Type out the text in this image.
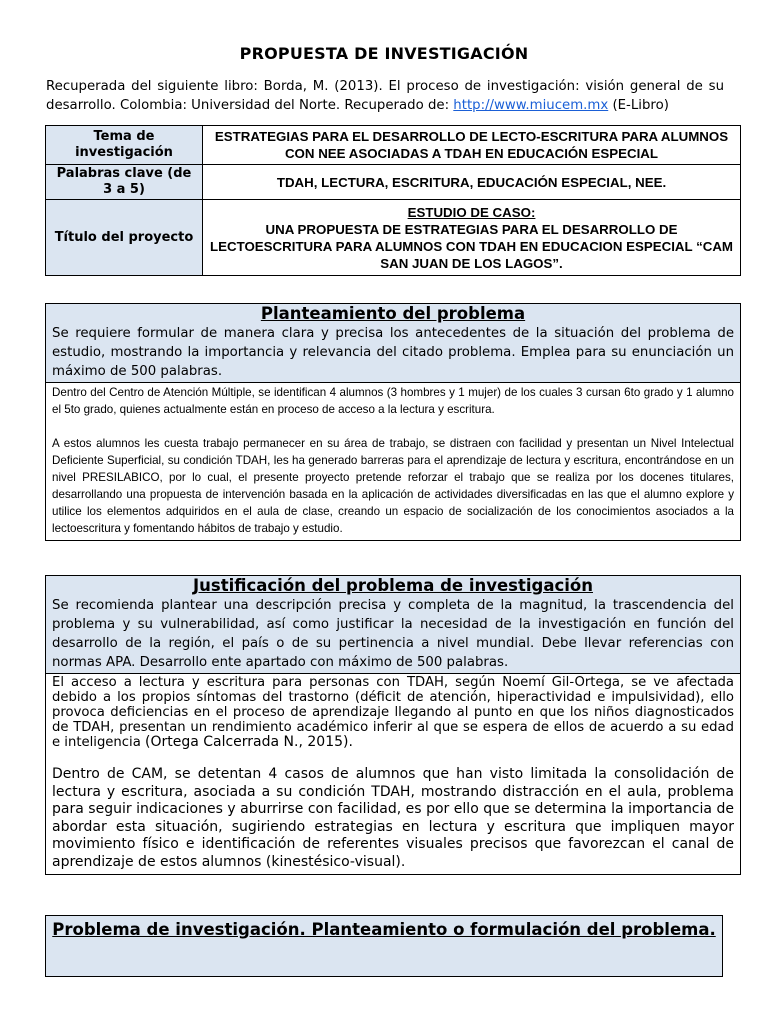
PROPUESTA DE INVESTIGACIÓN
Recuperada del siguiente libro: Borda, M. (2013). El proceso de investigación: visión general de su desarrollo. Colombia: Universidad del Norte. Recuperado de: http://www.miucem.mx (E-Libro)
Tema de investigación	ESTRATEGIAS PARA EL DESARROLLO DE LECTO-ESCRITURA PARA ALUMNOS CON NEE ASOCIADAS A TDAH EN EDUCACIÓN ESPECIAL
Palabras clave (de 3 a 5)	TDAH, LECTURA, ESCRITURA, EDUCACIÓN ESPECIAL, NEE.
Título del proyecto	ESTUDIO DE CASO:
UNA PROPUESTA DE ESTRATEGIAS PARA EL DESARROLLO DE LECTOESCRITURA PARA ALUMNOS CON TDAH EN EDUCACION ESPECIAL “CAM SAN JUAN DE LOS LAGOS”.
Planteamiento del problema

Se requiere formular de manera clara y precisa los antecedentes de la situación del problema de estudio, mostrando la importancia y relevancia del citado problema. Emplea para su enunciación un máximo de 500 palabras.

Dentro del Centro de Atención Múltiple, se identifican 4 alumnos (3 hombres y 1 mujer) de los cuales 3 cursan 6to grado y 1 alumno el 5to grado, quienes actualmente están en proceso de acceso a la lectura y escritura.

A estos alumnos les cuesta trabajo permanecer en su área de trabajo, se distraen con facilidad y presentan un Nivel Intelectual Deficiente Superficial, su condición TDAH, les ha generado barreras para el aprendizaje de lectura y escritura, encontrándose en un nivel PRESILABICO, por lo cual, el presente proyecto pretende reforzar el trabajo que se realiza por los docenes titulares, desarrollando una propuesta de intervención basada en la aplicación de actividades diversificadas en las que el alumno explore y utilice los elementos adquiridos en el aula de clase, creando un espacio de socialización de los conocimientos asociados a la lectoescritura y fomentando hábitos de trabajo y estudio.

Justificación del problema de investigación

Se recomienda plantear una descripción precisa y completa de la magnitud, la trascendencia del problema y su vulnerabilidad, así como justificar la necesidad de la investigación en función del desarrollo de la región, el país o de su pertinencia a nivel mundial. Debe llevar referencias con normas APA. Desarrollo ente apartado con máximo de 500 palabras.

El acceso a lectura y escritura para personas con TDAH, según Noemí Gil-Ortega, se ve afectada debido a los propios síntomas del trastorno (déficit de atención, hiperactividad e impulsividad), ello provoca deficiencias en el proceso de aprendizaje llegando al punto en que los niños diagnosticados de TDAH, presentan un rendimiento académico inferir al que se espera de ellos de acuerdo a su edad e inteligencia (Ortega Calcerrada N., 2015).

Dentro de CAM, se detentan 4 casos de alumnos que han visto limitada la consolidación de lectura y escritura, asociada a su condición TDAH, mostrando distracción en el aula, problema para seguir indicaciones y aburrirse con facilidad, es por ello que se determina la importancia de abordar esta situación, sugiriendo estrategias en lectura y escritura que impliquen mayor movimiento físico e identificación de referentes visuales precisos que favorezcan el canal de aprendizaje de estos alumnos (kinestésico-visual).

Problema de investigación. Planteamiento o formulación del problema.
